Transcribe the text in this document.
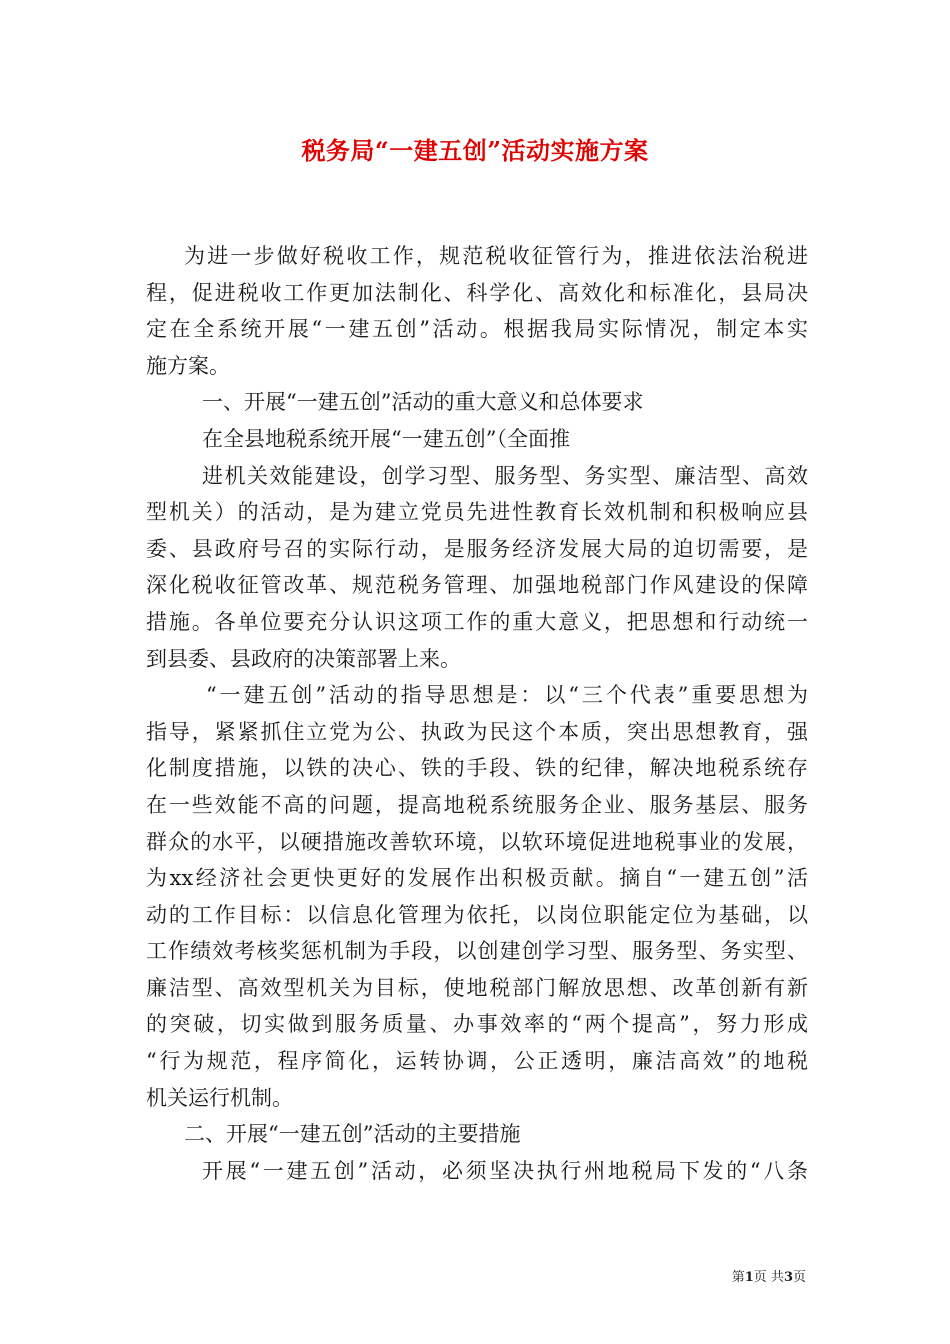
税务局“一建五创”活动实施方案
为进一步做好税收工作，规范税收征管行为，推进依法治税进
程，促进税收工作更加法制化、科学化、高效化和标准化，县局决
定在全系统开展“一建五创”活动。根据我局实际情况，制定本实
施方案。
一、开展“一建五创”活动的重大意义和总体要求
在全县地税系统开展“一建五创”（全面推
进机关效能建设，创学习型、服务型、务实型、廉洁型、高效
型机关）的活动，是为建立党员先进性教育长效机制和积极响应县
委、县政府号召的实际行动，是服务经济发展大局的迫切需要，是
深化税收征管改革、规范税务管理、加强地税部门作风建设的保障
措施。各单位要充分认识这项工作的重大意义，把思想和行动统一
到县委、县政府的决策部署上来。
“一建五创”活动的指导思想是：以“三个代表”重要思想为
指导，紧紧抓住立党为公、执政为民这个本质，突出思想教育，强
化制度措施，以铁的决心、铁的手段、铁的纪律，解决地税系统存
在一些效能不高的问题，提高地税系统服务企业、服务基层、服务
群众的水平，以硬措施改善软环境，以软环境促进地税事业的发展，
为xx经济社会更快更好的发展作出积极贡献。摘自“一建五创”活
动的工作目标：以信息化管理为依托，以岗位职能定位为基础，以
工作绩效考核奖惩机制为手段，以创建创学习型、服务型、务实型、
廉洁型、高效型机关为目标，使地税部门解放思想、改革创新有新
的突破，切实做到服务质量、办事效率的“两个提高”，努力形成
“行为规范，程序简化，运转协调，公正透明，廉洁高效”的地税
机关运行机制。
二、开展“一建五创”活动的主要措施
开展“一建五创”活动，必须坚决执行州地税局下发的“八条
第1页 共3页
